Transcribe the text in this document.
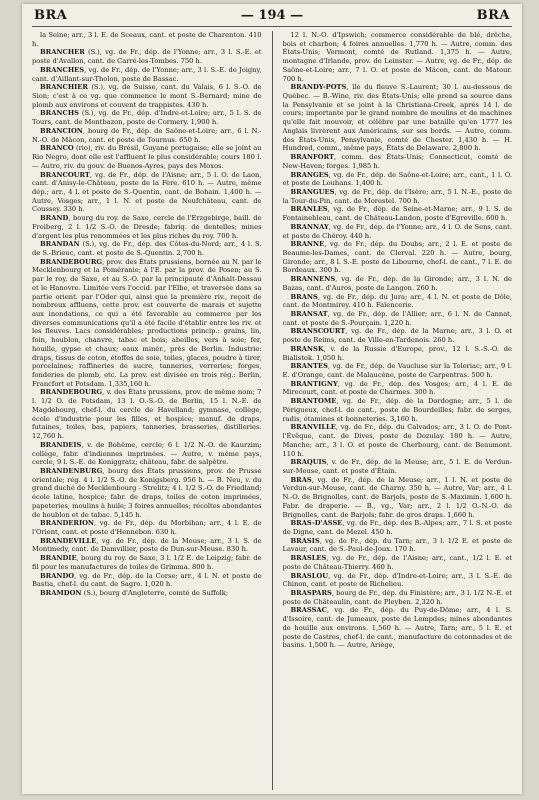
BRA	— 194 —	BRA

la Seine; arr., 3 l. E. de Sceaux, cant. et poste de Charenton. 410 h.

BRANCHER (S.), vg. de Fr., dép. de l'Yonne; arr., 3 l. S.-E. et poste d'Avallon, cant. de Carré-les-Tombes. 750 h.

BRANCHES, vg. de Fr., dép. de l'Yonne; arr., 3 l. S.-E. de Joigny, cant. d'Aillant-sur-Tholon, poste de Bassac.

BRANCHIER (S.), vg. de Suisse, cant. du Valais, 6 l. S.-O. de Sion; c'est à ce vg. que commence le mont S.-Bernard; mine de plomb aux environs et couvent de trappistes. 430 h.

BRANCHS (S.), vg. de Fr., dép. d'Indre-et-Loire; arr., 5 l. S. de Tours, cant. de Montbazon, poste de Cormery. 1,900 h.

BRANCION, bourg de Fr., dép. de Saône-et-Loire; arr., 6 l. N.-N.-O. de Mâcon, cant. et poste de Tournus. 650 h.

BRANCO (rio), riv. du Brésil, Guyane portugaise; elle se joint au Rio Negro, dont elle est l'affluent le plus considérable; cours 180 l. — Autre, riv. du gouv. de Buenos-Ayres, pays des Moxos.

BRANCOURT, vg. de Fr., dép. de l'Aisne; arr., 5 l. O. de Laon, cant. d'Anisy-le-Château, poste de la Fère. 610 h. — Autre, même dép.; arr., 4 l. et poste de S.-Quentin, cant. de Bohain. 1,400 h. — Autre, Vosges; arr., 1 l. N. et poste de Neufchâteau, cant. de Coussey. 330 h.

BRAND, bourg du roy. de Saxe, cercle de l'Erzgebirge, baill. de Freiberg, 2 l. 1/2 S.-O. de Dresde; fabriq. de dentelles; mines d'argent les plus renommées et les plus riches du roy. 700 h.

BRANDAN (S.), vg. de Fr., dép. des Côtes-du-Nord; arr., 4 l. S. de S.-Brieuc, cant. et poste de S.-Quentin. 2,700 h.

BRANDEBOURG, prov. des États prussiens, bornée au N. par le Mecklenbourg et la Poméranie; à l'E. par la prov. de Posen; au S. par le roy. de Saxe, et au S.-O. par la principauté d'Anhalt-Dessau et le Hanovre. Limitée vers l'occid. par l'Elbe, et traversée dans sa partie orient. par l'Oder qui, ainsi que la première riv., reçoit de nombreux affluens, cette prov. est couverte de marais et sujette aux inondations, ce qui a été favorable au commerce par les diverses communications qu'il a été facile d'établir entre les riv. et les fleuves. Lacs considérables; productions princip.: grains, lin, foin, houblon, chanvre, tabac et bois; abeilles, vers à soie; fer, houille, gypse et chaux; eaux minér., près de Berlin. Industrie: draps, tissus de coton, étoffes de soie, toiles, glaces, poudre à tirer, porcelaines; raffineries de sucre, tanneries, verreries; forges, fonderies de plomb, etc. La prov. est divisée en trois rég.: Berlin, Francfort et Potsdam. 1,335,160 h.

BRANDEBOURG, v. des États prussiens, prov. de même nom; 7 l. 1/2 O. de Potsdam, 13 l. O.-S.-O. de Berlin, 15 l. N.-E. de Magdebourg, chef-l. du cercle de Havelland; gymnase, collège, école d'industrie pour les filles, et hospice; manuf. de draps, futaines, toiles, bas, papiers, tanneries, brasseries, distilleries. 12,760 h.

BRANDEIS, v. de Bohême, cercle; 6 l. 1/2 N.-O. de Kaurzim; collège, fabr. d'indiennes imprimées. — Autre, v. même pays, cercle, 9 l. S.-E. de Koniggratz; château, fabr. de salpêtre.

BRANDENBURG, bourg des États prussiens, prov. de Prusse orientale; rég. 4 l. 1/2 S.-O. de Konigsberg. 956 h. — B. Neu, v. du grand duché de Mecklenbourg - Strelitz; 4 l. 1/2 S.-O. de Friedland; école latine, hospice; fabr. de draps, toiles de coton imprimées, papeteries, moulins à huile; 3 foires annuelles; récoltes abondantes de houblon et de tabac. 5,145 h.

BRANDERION, vg. de Fr., dép. du Morbihan; arr., 4 l. E. de l'Orient, cant. et poste d'Hennebon. 630 h.

BRANDEVILLE, vg. de Fr., dép. de la Meuse; arr., 3 l. S. de Montmedy, cant. de Damvillier, poste de Dun-sur-Meuse. 830 h.

BRANDIE, bourg du roy. de Saxe, 3 l. 1/2 E. de Leipzig; fabr. de fil pour les manufactures de toiles de Grimma. 800 h.

BRANDO, vg. de Fr., dép. de la Corse; arr., 4 l. N. et poste de Bastia, chef-l. du cant. de Sagro. 1,020 h.

BRAMDON (S.), bourg d'Angleterre, comté de Suffolk;

12 l. N.-O. d'Ipswich; commerce considérable de blé, drêche, bois et charbon; 4 foires annuelles. 1,770 h. — Autre, comm. des États-Unis; Vermont, comté de Rutland. 1,375 h. — Autre, montagne d'Irlande, prov. de Leinster. — Autre, vg. de Fr., dép. de Saône-et-Loire; arr., 7 l. O. et poste de Mâcon, cant. de Matour. 700 h.

BRANDY-POTS, île du fleuve S.-Laurent; 30 l. au-dessous de Québec. — B.-Wine, riv. des États-Unis; elle prend sa source dans la Pensylvanie et se joint à la Christiana-Creek, après 14 l. de cours; importante par le grand nombre de moulins et de machines qu'elle fait mouvoir, et célèbre par une bataille qu'en 1777 les Anglais livrèrent aux Américains, sur ses bords. — Autre, comm. des États-Unis, Pensylvanie, comté de Chester. 1,430 h. — H. Hundred, comm., même pays, États de Delaware. 2,800 h.

BRANFORT, comm. des États-Unis; Connecticut, comté de New-Haven; forges. 1,985 h.

BRANGES, vg. de Fr., dép. de Saône-et-Loire; arr., cant., 1 l. O. et poste de Louhans. 1,400 h.

BRANGUES, vg. de Fr., dép. de l'Isère; arr., 5 l. N.-E., poste de la Tour-du-Pin, cant. de Morestel. 700 h.

BRANLES, vg. de Fr., dép. de Seine-et-Marne; arr., 9 l. S. de Fontainebleau, cant. de Château-Landon, poste d'Egreville. 600 h.

BRANNAY, vg. de Fr., dép. de l'Yonne; arr., 4 l. O. de Sens, cant. et poste de Chéroy. 440 h.

BRANNE, vg. de Fr., dép. du Doubs; arr., 2 l. E. et poste de Beaume-les-Dames, cant. de Clerval. 220 h. — Autre, bourg, Gironde; arr., 8 l. S.-E. poste de Libourne, chef-l. de cant., 7 l. E. de Bordeaux. 300 h.

BRANNENS, vg. de Fr., dép. de la Gironde; arr., 3 l. N. de Bazas, cant. d'Auros, poste de Langon. 260 h.

BRANS, vg. de Fr., dép. du Jura; arr., 4 l. N. et poste de Dôle, cant. de Montmirey. 410 h. Faïencerie.

BRANSAT, vg. de Fr., dép. de l'Allier; arr., 6 l. N. de Cannat, cant. et poste de S.-Pourçain. 1,220 h.

BRANSCOURT, vg. de Fr., dép. de la Marne; arr., 3 l. O. et poste de Reims, cant. de Ville-en-Tardenois. 260 h.

BRANSK, v. de la Russie d'Europe, prov., 12 l. S.-S.-O. de Bialistok. 1,050 h.

BRANTES, vg. de Fr., dép. de Vaucluse sur la Toleriac; arr., 9 l. E. d'Orange, cant. de Malaucène, poste de Carpentras. 500 h.

BRANTIGNY, vg. de Fr., dép. des Vosges; arr., 4 l. E. de Mirecourt, cant. et poste de Charmes. 300 h.

BRANTOME, vg. de Fr., dép. de la Dordogne; arr., 5 l. de Périgueux, chef-l. de cant., poste de Bourdeilles; fabr. de serges, radis, étamines et bonneteries. 3,160 h.

BRANVILLE, vg. de Fr., dép. du Calvados; arr., 3 l. O. de Pont-l'Évêque, cant. de Dives, poste de Dozulay. 180 h. — Autre, Manche; arr., 3 l. O. et poste de Cherbourg, cant. de Beaumont. 110 h.

BRAQUIS, v. de Fr., dép. de la Meuse; arr., 5 l. E. de Verdun-sur-Meuse, cant. et poste d'Étain.

BRAS, vg. de Fr., dép. de la Meuse; arr., 1 l. N. et poste de Verdun-sur-Meuse, cant. de Charny. 350 h. — Autre, Var; arr., 4 l. N.-O. de Brignolles, cant. de Barjols, poste de S.-Maximin. 1,600 h. Fabr. de draperie. — B., vg., Var; arr., 2 l. 1/2 O.-N.-O. de Brignolles, cant. de Barjols; fabr. de gros draps. 1,660 h.

BRAS-D'ASSE, vg. de Fr., dép. des B.-Alpes; arr., 7 l. S. et poste de Digne, cant. de Mezel. 450 h.

BRASIS, vg. de Fr., dép. du Tarn; arr., 3 l. 1/2 E. et poste de Lavaur, cant. de S.-Paul-de-Joux. 170 h.

BRASLES, vg. de Fr., dép. de l'Aisne; arr., cant., 1/2 l. E. et poste de Château-Thierry. 460 h.

BRASLOU, vg. de Fr., dép. d'Indre-et-Loire; arr., 3 l. S.-E. de Chinon, cant. et poste de Richelieu.

BRASPARS, bourg de Fr., dép. du Finistère; arr., 3 l. 1/2 N.-E. et poste de Châteaulin, cant. de Pleyben. 2,320 h.

BRASSAC, vg. de Fr., dép. du Puy-de-Dôme; arr., 4 l. S. d'Issoire, cant. de Jumeaux, poste de Lempdes; mines abondantes de houille aux environs. 1,560 h. — Autre, Tarn; arr., 5 l. E. et poste de Castres, chef-l. de cant., manufacture de cotonnades et de basins. 1,500 h. — Autre, Ariège,
